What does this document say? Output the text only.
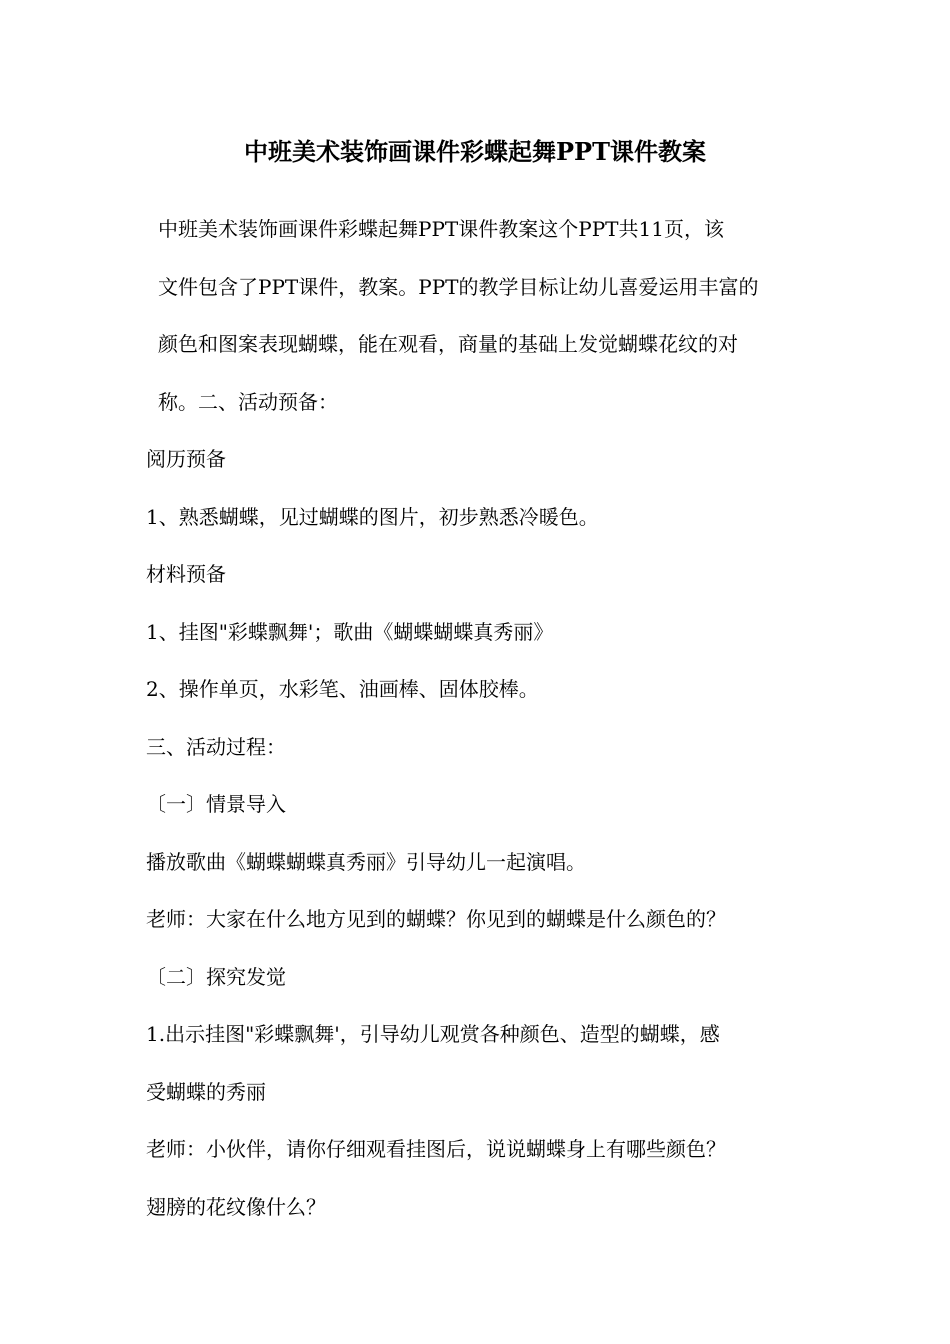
中班美术装饰画课件彩蝶起舞PPT课件教案
中班美术装饰画课件彩蝶起舞PPT课件教案这个PPT共11页，该
文件包含了PPT课件，教案。PPT的教学目标让幼儿喜爱运用丰富的
颜色和图案表现蝴蝶，能在观看，商量的基础上发觉蝴蝶花纹的对
称。二、活动预备：
阅历预备
1、熟悉蝴蝶，见过蝴蝶的图片，初步熟悉冷暖色。
材料预备
1、挂图"彩蝶飘舞'；歌曲《蝴蝶蝴蝶真秀丽》
2、操作单页，水彩笔、油画棒、固体胶棒。
三、活动过程：
〔一〕情景导入
播放歌曲《蝴蝶蝴蝶真秀丽》引导幼儿一起演唱。
老师：大家在什么地方见到的蝴蝶？你见到的蝴蝶是什么颜色的？
〔二〕探究发觉
1.出示挂图"彩蝶飘舞'，引导幼儿观赏各种颜色、造型的蝴蝶，感
受蝴蝶的秀丽
老师：小伙伴，请你仔细观看挂图后，说说蝴蝶身上有哪些颜色？
翅膀的花纹像什么？
